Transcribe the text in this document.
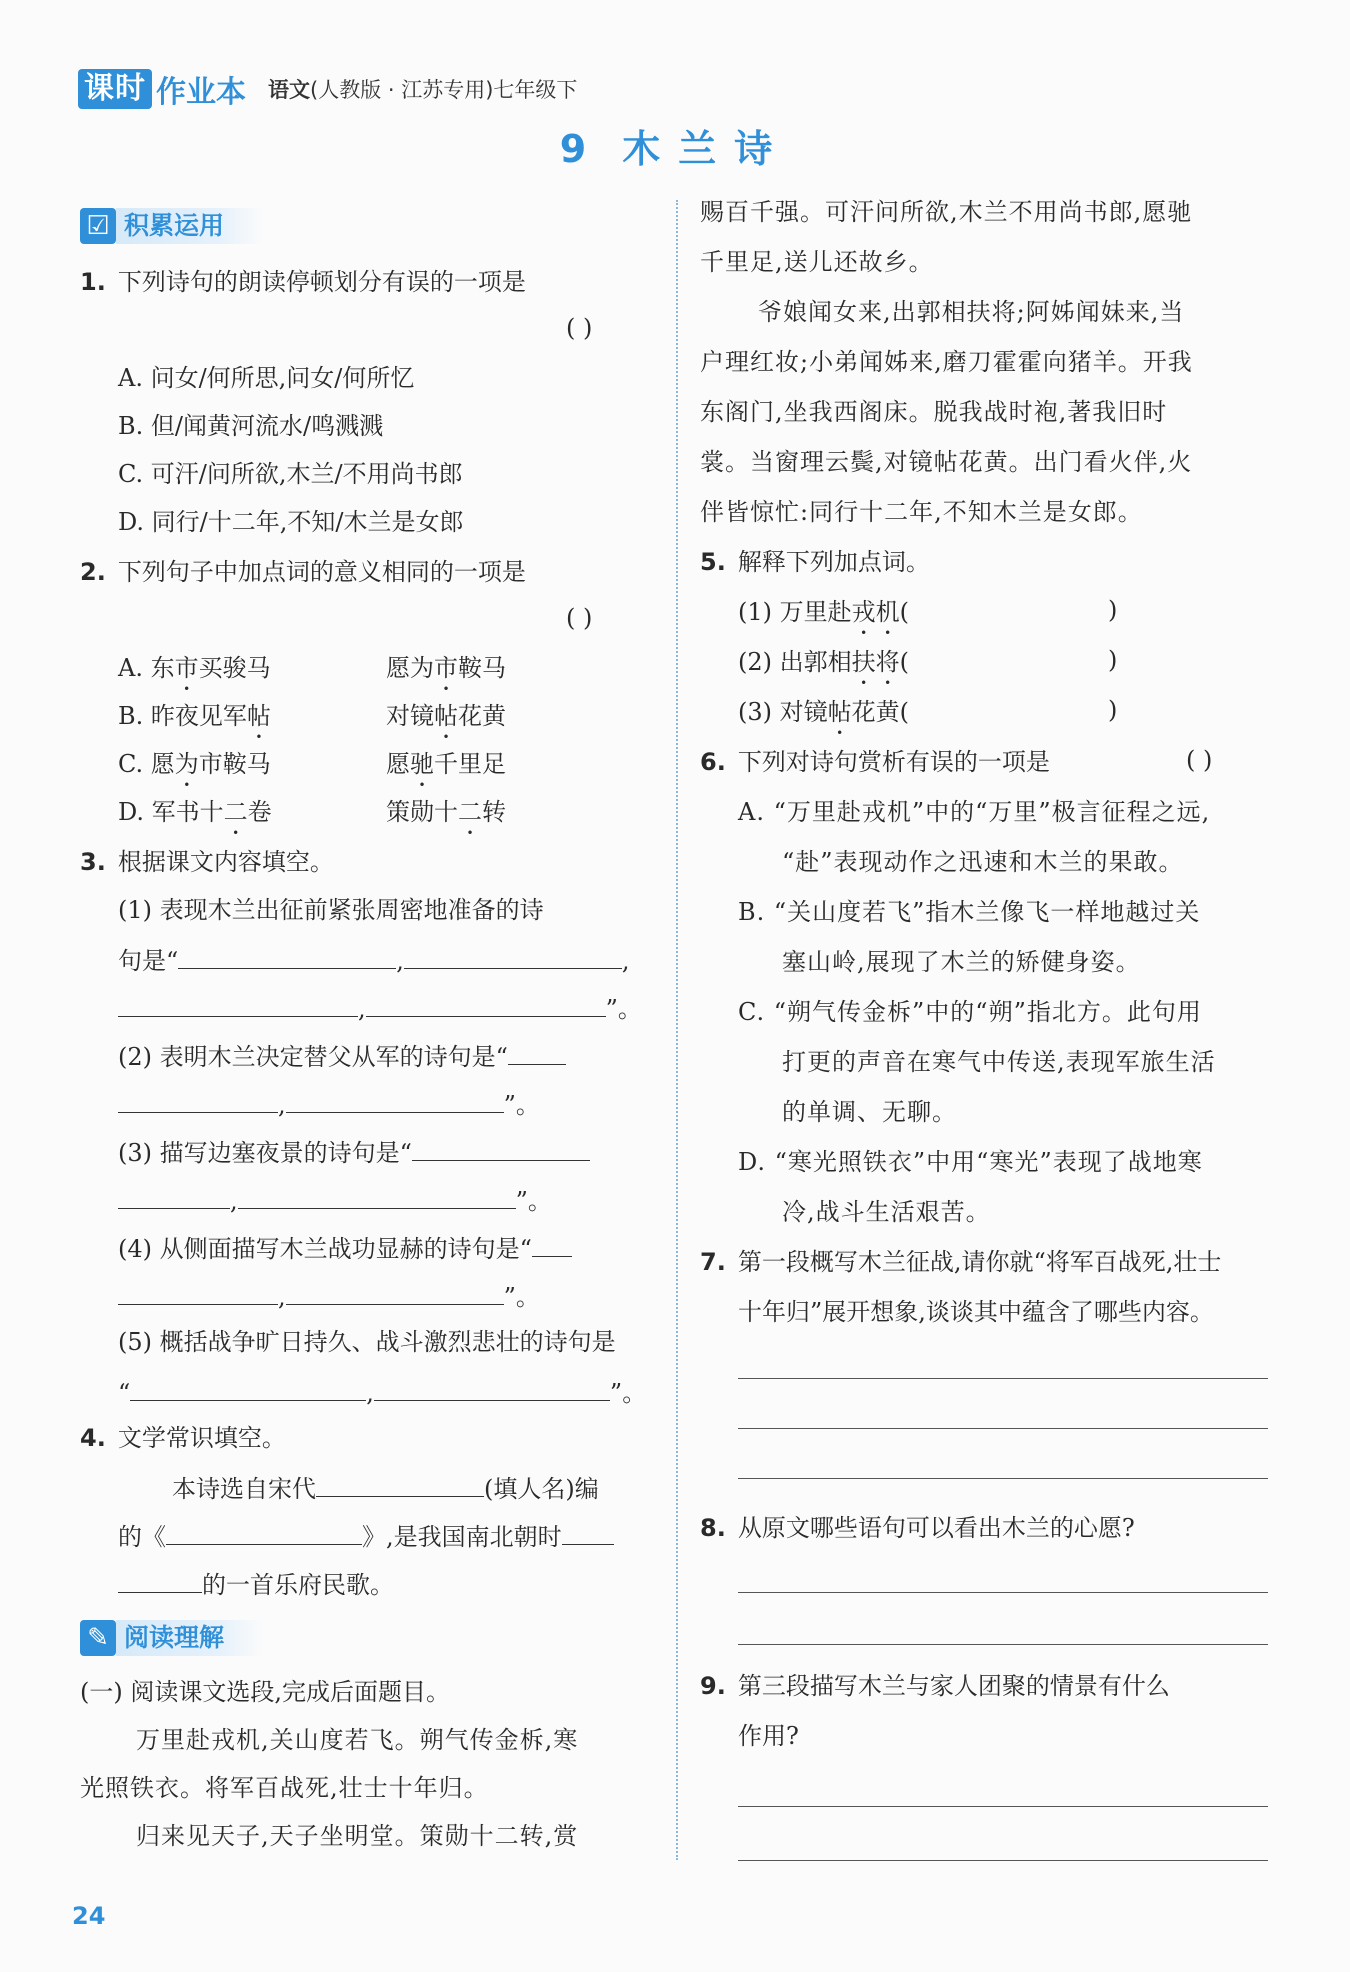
课时 作业本 语文(人教版 · 江苏专用)七年级下
9 木兰诗
☑ 积累运用
1. 下列诗句的朗读停顿划分有误的一项是
( )
A. 问女/何所思,问女/何所忆
B. 但/闻黄河流水/鸣溅溅
C. 可汗/问所欲,木兰/不用尚书郎
D. 同行/十二年,不知/木兰是女郎
2. 下列句子中加点词的意义相同的一项是
( )
A. 东市买骏马	愿为市鞍马
B. 昨夜见军帖	对镜帖花黄
C. 愿为市鞍马	愿驰千里足
D. 军书十二卷	策勋十二转
3. 根据课文内容填空。
(1) 表现木兰出征前紧张周密地准备的诗
句是“	,	,
,	”。
(2) 表明木兰决定替父从军的诗句是“
,	”。
(3) 描写边塞夜景的诗句是“
,	”。
(4) 从侧面描写木兰战功显赫的诗句是“
,	”。
(5) 概括战争旷日持久、战斗激烈悲壮的诗句是
“	,	”。
4. 文学常识填空。
本诗选自宋代	(填人名)编
的《	》,是我国南北朝时
的一首乐府民歌。
✎ 阅读理解
(一) 阅读课文选段,完成后面题目。
万里赴戎机,关山度若飞。朔气传金柝,寒
光照铁衣。将军百战死,壮士十年归。
归来见天子,天子坐明堂。策勋十二转,赏
赐百千强。可汗问所欲,木兰不用尚书郎,愿驰
千里足,送儿还故乡。
爷娘闻女来,出郭相扶将;阿姊闻妹来,当
户理红妆;小弟闻姊来,磨刀霍霍向猪羊。开我
东阁门,坐我西阁床。脱我战时袍,著我旧时
裳。当窗理云鬓,对镜帖花黄。出门看火伴,火
伴皆惊忙:同行十二年,不知木兰是女郎。
5. 解释下列加点词。
(1) 万里赴戎机(	)
(2) 出郭相扶将(	)
(3) 对镜帖花黄(	)
6. 下列对诗句赏析有误的一项是	( )
A. “万里赴戎机”中的“万里”极言征程之远,
“赴”表现动作之迅速和木兰的果敢。
B. “关山度若飞”指木兰像飞一样地越过关
塞山岭,展现了木兰的矫健身姿。
C. “朔气传金柝”中的“朔”指北方。此句用
打更的声音在寒气中传送,表现军旅生活
的单调、无聊。
D. “寒光照铁衣”中用“寒光”表现了战地寒
冷,战斗生活艰苦。
7. 第一段概写木兰征战,请你就“将军百战死,壮士
十年归”展开想象,谈谈其中蕴含了哪些内容。
8. 从原文哪些语句可以看出木兰的心愿?
9. 第三段描写木兰与家人团聚的情景有什么
作用?
24
